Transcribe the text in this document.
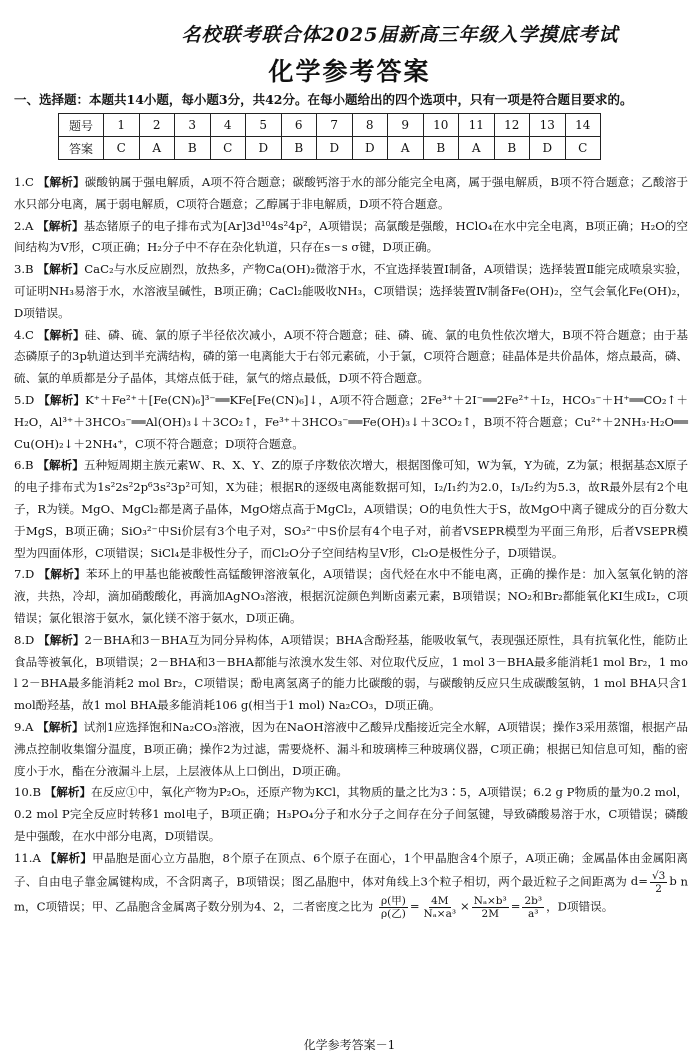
名校联考联合体2025届新高三年级入学摸底考试
化学参考答案
一、选择题：本题共14小题，每小题3分，共42分。在每小题给出的四个选项中，只有一项是符合题目要求的。
题号	1	2	3	4	5	6	7	8	9	10	11	12	13	14
答案	C	A	B	C	D	B	D	D	A	B	A	B	D	C
1.C 【解析】碳酸钠属于强电解质，A项不符合题意；碳酸钙溶于水的部分能完全电离，属于强电解质，B项不符合题意；乙酸溶于水只部分电离，属于弱电解质，C项符合题意；乙醇属于非电解质，D项不符合题意。
2.A 【解析】基态锗原子的电子排布式为[Ar]3d¹⁰4s²4p²，A项错误；高氯酸是强酸，HClO₄在水中完全电离，B项正确；H₂O的空间结构为V形，C项正确；H₂分子中不存在杂化轨道，只存在s－s σ键，D项正确。
3.B 【解析】CaC₂与水反应剧烈，放热多，产物Ca(OH)₂微溶于水，不宜选择装置Ⅰ制备，A项错误；选择装置Ⅱ能完成喷泉实验，可证明NH₃易溶于水，水溶液呈碱性，B项正确；CaCl₂能吸收NH₃，C项错误；选择装置Ⅳ制备Fe(OH)₂，空气会氧化Fe(OH)₂，D项错误。
4.C 【解析】硅、磷、硫、氯的原子半径依次减小，A项不符合题意；硅、磷、硫、氯的电负性依次增大，B项不符合题意；由于基态磷原子的3p轨道达到半充满结构，磷的第一电离能大于右邻元素硫，小于氯，C项符合题意；硅晶体是共价晶体，熔点最高，磷、硫、氯的单质都是分子晶体，其熔点低于硅，氯气的熔点最低，D项不符合题意。
5.D 【解析】K⁺＋Fe²⁺＋[Fe(CN)₆]³⁻══KFe[Fe(CN)₆]↓，A项不符合题意；2Fe³⁺＋2I⁻══2Fe²⁺＋I₂，HCO₃⁻＋H⁺══CO₂↑＋H₂O，Al³⁺＋3HCO₃⁻══Al(OH)₃↓＋3CO₂↑，Fe³⁺＋3HCO₃⁻══Fe(OH)₃↓＋3CO₂↑，B项不符合题意；Cu²⁺＋2NH₃·H₂O══Cu(OH)₂↓＋2NH₄⁺，C项不符合题意；D项符合题意。
6.B 【解析】五种短周期主族元素W、R、X、Y、Z的原子序数依次增大，根据图像可知，W为氧，Y为硫，Z为氯；根据基态X原子的电子排布式为1s²2s²2p⁶3s²3p²可知，X为硅；根据R的逐级电离能数据可知，I₂/I₁约为2.0，I₃/I₂约为5.3，故R最外层有2个电子，R为镁。MgO、MgCl₂都是离子晶体，MgO熔点高于MgCl₂，A项错误；O的电负性大于S，故MgO中离子键成分的百分数大于MgS，B项正确；SiO₃²⁻中Si价层有3个电子对，SO₃²⁻中S价层有4个电子对，前者VSEPR模型为平面三角形，后者VSEPR模型为四面体形，C项错误；SiCl₄是非极性分子，而Cl₂O分子空间结构呈V形，Cl₂O是极性分子，D项错误。
7.D 【解析】苯环上的甲基也能被酸性高锰酸钾溶液氧化，A项错误；卤代烃在水中不能电离，正确的操作是：加入氢氧化钠的溶液，共热，冷却，滴加硝酸酸化，再滴加AgNO₃溶液，根据沉淀颜色判断卤素元素，B项错误；NO₂和Br₂都能氧化KI生成I₂，C项错误；氯化银溶于氨水，氯化镁不溶于氨水，D项正确。
8.D 【解析】2－BHA和3－BHA互为同分异构体，A项错误；BHA含酚羟基，能吸收氧气，表现强还原性，具有抗氧化性，能防止食品等被氧化，B项错误；2－BHA和3－BHA都能与浓溴水发生邻、对位取代反应，1 mol 3－BHA最多能消耗1 mol Br₂，1 mol 2－BHA最多能消耗2 mol Br₂，C项错误；酚电离氢离子的能力比碳酸的弱，与碳酸钠反应只生成碳酸氢钠，1 mol BHA只含1 mol酚羟基，故1 mol BHA最多能消耗106 g(相当于1 mol) Na₂CO₃，D项正确。
9.A 【解析】试剂1应选择饱和Na₂CO₃溶液，因为在NaOH溶液中乙酸异戊酯接近完全水解，A项错误；操作3采用蒸馏，根据产品沸点控制收集馏分温度，B项正确；操作2为过滤，需要烧杯、漏斗和玻璃棒三种玻璃仪器，C项正确；根据已知信息可知，酯的密度小于水，酯在分液漏斗上层，上层液体从上口倒出，D项正确。
10.B 【解析】在反应①中，氧化产物为P₂O₅，还原产物为KCl，其物质的量之比为3∶5，A项错误；6.2 g P物质的量为0.2 mol，0.2 mol P完全反应时转移1 mol电子，B项正确；H₃PO₄分子和水分子之间存在分子间氢键，导致磷酸易溶于水，C项错误；磷酸是中强酸，在水中部分电离，D项错误。
11.A 【解析】甲晶胞是面心立方晶胞，8个原子在顶点、6个原子在面心，1个甲晶胞含4个原子，A项正确；金属晶体由金属阳离子、自由电子靠金属键构成，不含阴离子，B项错误；图乙晶胞中，体对角线上3个粒子相切，两个最近粒子之间距离为 $d= \frac{√3}{2}$ b nm，C项错误；甲、乙晶胞含金属离子数分别为4、2，二者密度之比为 $\frac{\text{ρ(甲)}}{\text{ρ(乙)}} = \frac{4M}{\text{Nₐ×a³}} \times \frac{\text{Nₐ×b³}}{2M} = \frac{\text{2b³}}{\text{a³}}$ ，D项错误。
化学参考答案－1
